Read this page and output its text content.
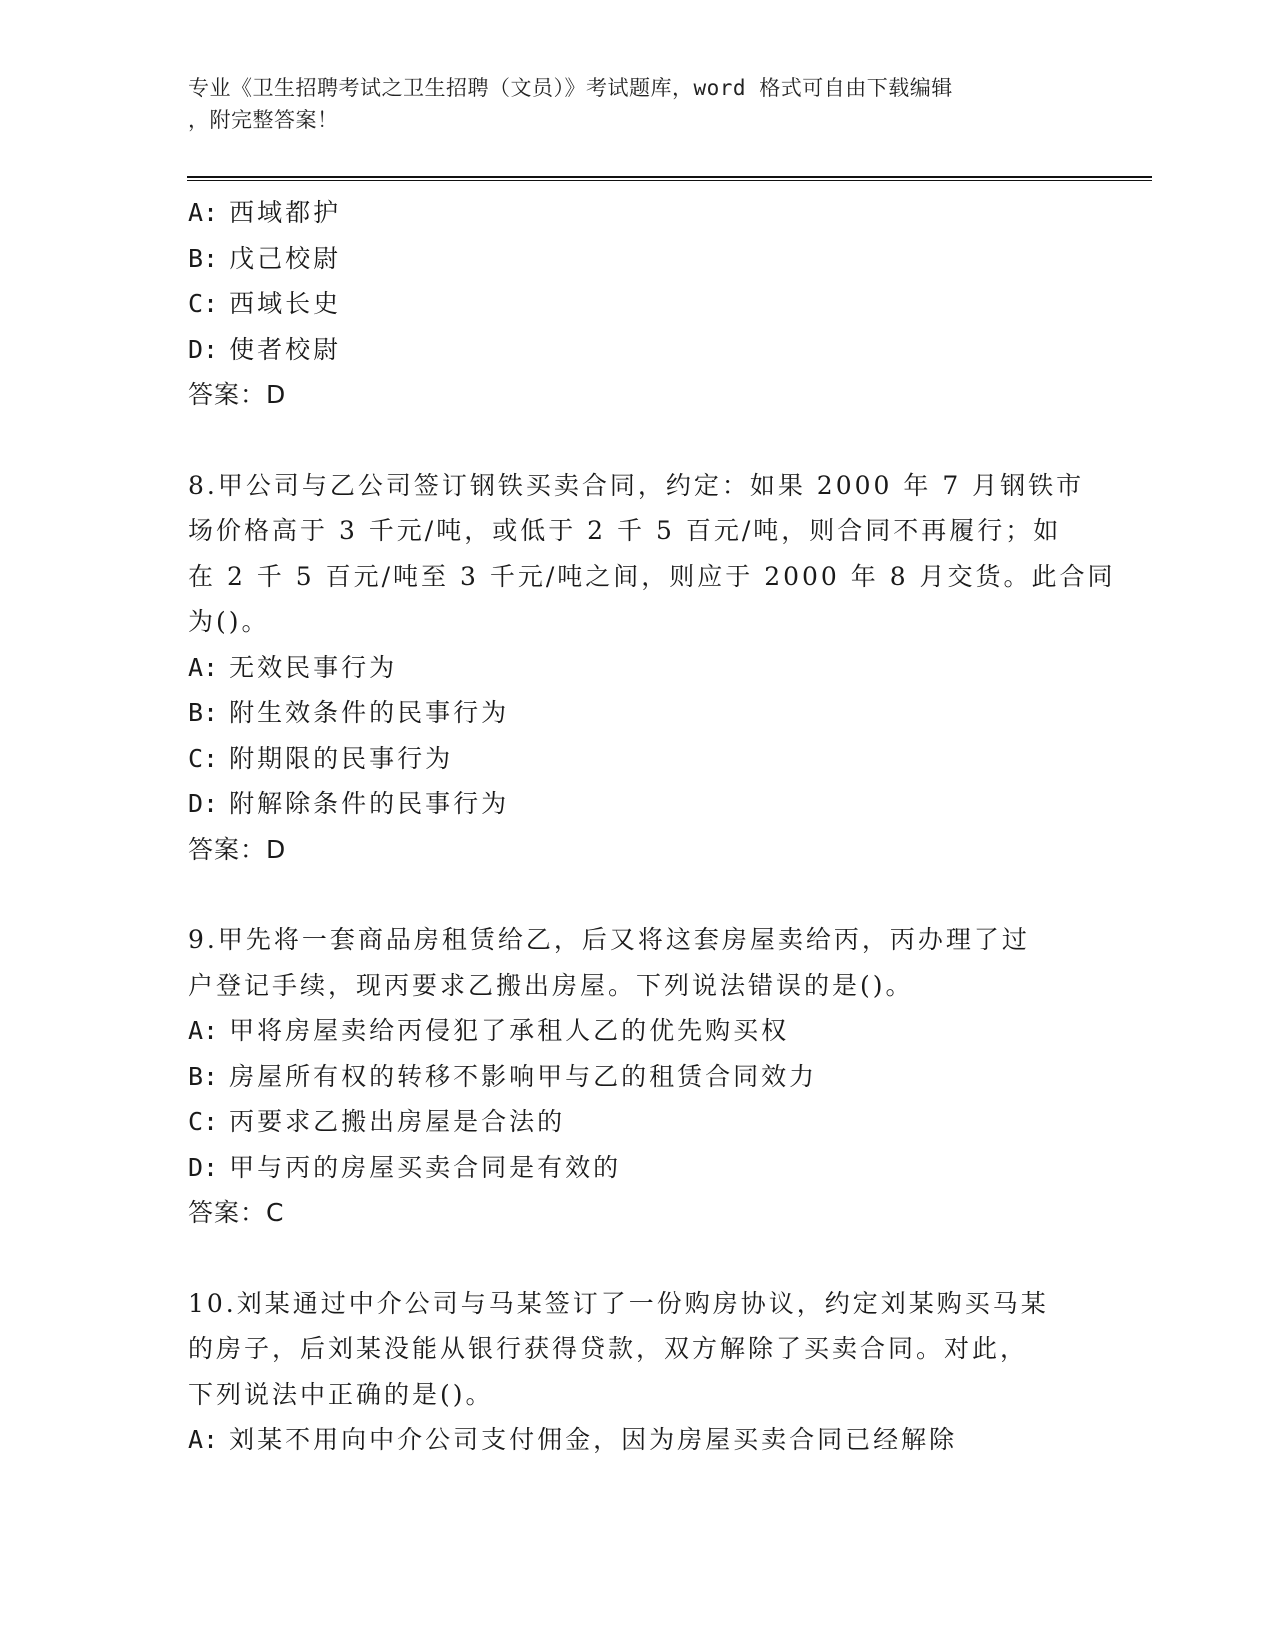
专业《卫生招聘考试之卫生招聘（文员）》考试题库，word 格式可自由下载编辑
，附完整答案！
A: 西域都护
B: 戊己校尉
C: 西域长史
D: 使者校尉
答案：D
8.甲公司与乙公司签订钢铁买卖合同，约定：如果 2000 年 7 月钢铁市
场价格高于 3 千元/吨，或低于 2 千 5 百元/吨，则合同不再履行；如
在 2 千 5 百元/吨至 3 千元/吨之间，则应于 2000 年 8 月交货。此合同
为()。
A: 无效民事行为
B: 附生效条件的民事行为
C: 附期限的民事行为
D: 附解除条件的民事行为
答案：D
9.甲先将一套商品房租赁给乙，后又将这套房屋卖给丙，丙办理了过
户登记手续，现丙要求乙搬出房屋。下列说法错误的是()。
A: 甲将房屋卖给丙侵犯了承租人乙的优先购买权
B: 房屋所有权的转移不影响甲与乙的租赁合同效力
C: 丙要求乙搬出房屋是合法的
D: 甲与丙的房屋买卖合同是有效的
答案：C
10.刘某通过中介公司与马某签订了一份购房协议，约定刘某购买马某
的房子，后刘某没能从银行获得贷款，双方解除了买卖合同。对此，
下列说法中正确的是()。
A: 刘某不用向中介公司支付佣金，因为房屋买卖合同已经解除
